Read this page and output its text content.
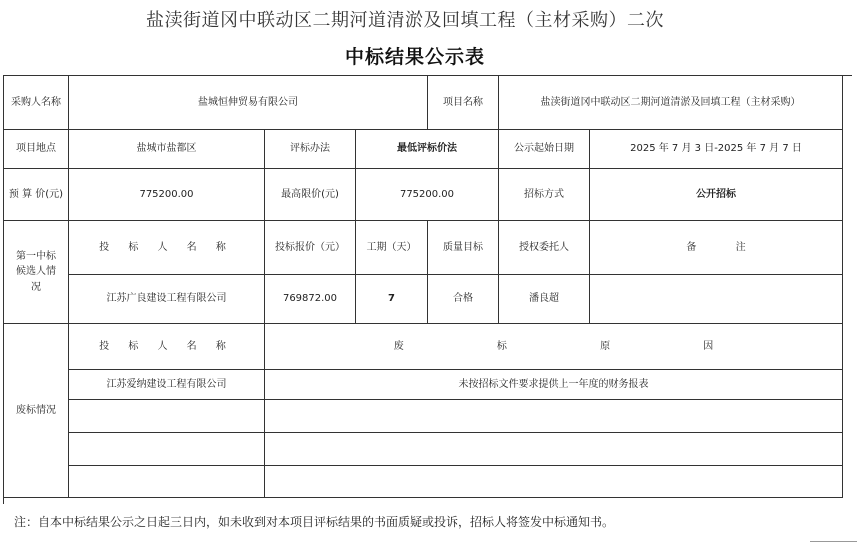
盐渎街道冈中联动区二期河道清淤及回填工程（主材采购）二次
中标结果公示表
采购人名称	盐城恒伸贸易有限公司	项目名称	盐渎街道冈中联动区二期河道清淤及回填工程（主材采购）
项目地点	盐城市盐都区	评标办法	最低评标价法	公示起始日期	2025 年 7 月 3 日-2025 年 7 月 7 日
预 算 价(元)	775200.00	最高限价(元)	775200.00	招标方式	公开招标
第一中标候选人情况
投 标 人 名 称	投标报价（元）	工期（天）	质量目标	授权委托人	备 注
江苏广良建设工程有限公司	769872.00	7	合格	潘良超
废标情况
投 标 人 名 称	废 标 原 因
江苏爱纳建设工程有限公司	未按招标文件要求提供上一年度的财务报表
注：自本中标结果公示之日起三日内，如未收到对本项目评标结果的书面质疑或投诉，招标人将签发中标通知书。
